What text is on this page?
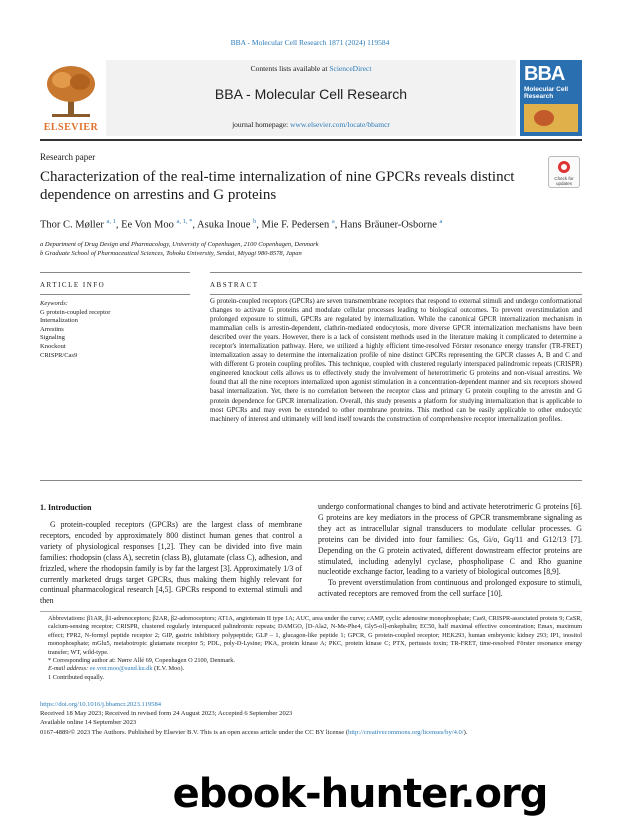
BBA - Molecular Cell Research 1871 (2024) 119584
ELSEVIER
Contents lists available at ScienceDirect
BBA - Molecular Cell Research
journal homepage: www.elsevier.com/locate/bbamcr
BBA
Molecular Cell Research
Research paper
Characterization of the real-time internalization of nine GPCRs reveals distinct dependence on arrestins and G proteins
Check for updates
Thor C. Møller $^{a, 1}$, Ee Von Moo $^{a, 1, *}$, Asuka Inoue $^b$, Mie F. Pedersen $^a$, Hans Bräuner-Osborne $^a$
a Department of Drug Design and Pharmacology, University of Copenhagen, 2100 Copenhagen, Denmark
b Graduate School of Pharmaceutical Sciences, Tohoku University, Sendai, Miyagi 980-8578, Japan
ARTICLE INFO	ABSTRACT
Keywords:
G protein-coupled receptor
Internalization
Arrestins
Signaling
Knockout
CRISPR/Cas9
G protein-coupled receptors (GPCRs) are seven transmembrane receptors that respond to external stimuli and undergo conformational changes to activate G proteins and modulate cellular processes leading to biological outcomes. To prevent overstimulation and prolonged exposure to stimuli, GPCRs are regulated by internalization. While the canonical GPCR internalization mechanism in mammalian cells is arrestin-dependent, clathrin-mediated endocytosis, more diverse GPCR internalization mechanisms have been described over the years. However, there is a lack of consistent methods used in the literature making it complicated to determine a receptor's internalization pathway. Here, we utilized a highly efficient time-resolved Förster resonance energy transfer (TR-FRET) internalization assay to determine the internalization profile of nine distinct GPCRs representing the GPCR classes A, B and C and with different G protein coupling profiles. This technique, coupled with clustered regularly interspaced palindromic repeats (CRISPR) engineered knockout cells allows us to effectively study the involvement of heterotrimeric G proteins and non-visual arrestins. We found that all the nine receptors internalized upon agonist stimulation in a concentration-dependent manner and six receptors showed basal internalization. Yet, there is no correlation between the receptor class and primary G protein coupling to the arrestin and G protein dependence for GPCR internalization. Overall, this study presents a platform for studying internalization that is applicable to most GPCRs and may even be extended to other membrane proteins. This method can be easily applicable to other endocytic machinery of interest and ultimately will lend itself towards the construction of comprehensive receptor internalization profiles.
1. Introduction
G protein-coupled receptors (GPCRs) are the largest class of membrane receptors, encoded by approximately 800 distinct human genes that control a variety of physiological responses [1,2]. They can be divided into five main families: rhodopsin (class A), secretin (class B), glutamate (class C), adhesion, and frizzled, where the rhodopsin family is by far the largest [3]. Approximately 1/3 of currently marketed drugs target GPCRs, thus making them highly relevant for continual pharmacological research [4,5]. GPCRs respond to external stimuli and then
undergo conformational changes to bind and activate heterotrimeric G proteins [6]. G proteins are key mediators in the process of GPCR transmembrane signaling as they act as intracellular signal transducers to modulate cellular processes. G proteins can be divided into four families: Gs, Gi/o, Gq/11 and G12/13 [7]. Depending on the G protein activated, different downstream effector proteins are stimulated, including adenylyl cyclase, phospholipase C and Rho guanine nucleotide exchange factor, leading to a variety of biological outcomes [8,9].
To prevent overstimulation from continuous and prolonged exposure to stimuli, activated receptors are removed from the cell surface [10].

Abbreviations: β1AR, β1-adrenoceptors; β2AR, β2-adrenoceptors; AT1A, angiotensin II type 1A; AUC, area under the curve; cAMP, cyclic adenosine monophosphate; Cas9, CRISPR-associated protein 9; CaSR, calcium-sensing receptor; CRISPR, clustered regularly interspaced palindromic repeats; DAMGO, [D-Ala2, N-Me-Phe4, Gly5-ol]-enkephalin; EC50, half maximal effective concentration; Emax, maximum effect; FPR2, N-formyl peptide receptor 2; GIP, gastric inhibitory polypeptide; GLP – 1, glucagon-like peptide 1; GPCR, G protein-coupled receptor; HEK293, human embryonic kidney 293; IP1, inositol monophosphate; mGlu5, metabotropic glutamate receptor 5; PDL, poly-D-Lysine; PKA, protein kinase A; PKC, protein kinase C; PTX, pertussis toxin; TR-FRET, time-resolved Förster resonance energy transfer; WT, wild-type.

* Corresponding author at: Nørre Allé 69, Copenhagen O 2100, Denmark.

E-mail address: ee.von.moo@sund.ku.dk (E.V. Moo).

1 Contributed equally.

https://doi.org/10.1016/j.bbamcr.2023.119584

Received 18 May 2023; Received in revised form 24 August 2023; Accepted 6 September 2023

Available online 14 September 2023

0167-4889/© 2023 The Authors. Published by Elsevier B.V. This is an open access article under the CC BY license (http://creativecommons.org/licenses/by/4.0/).

ebook-hunter.org
